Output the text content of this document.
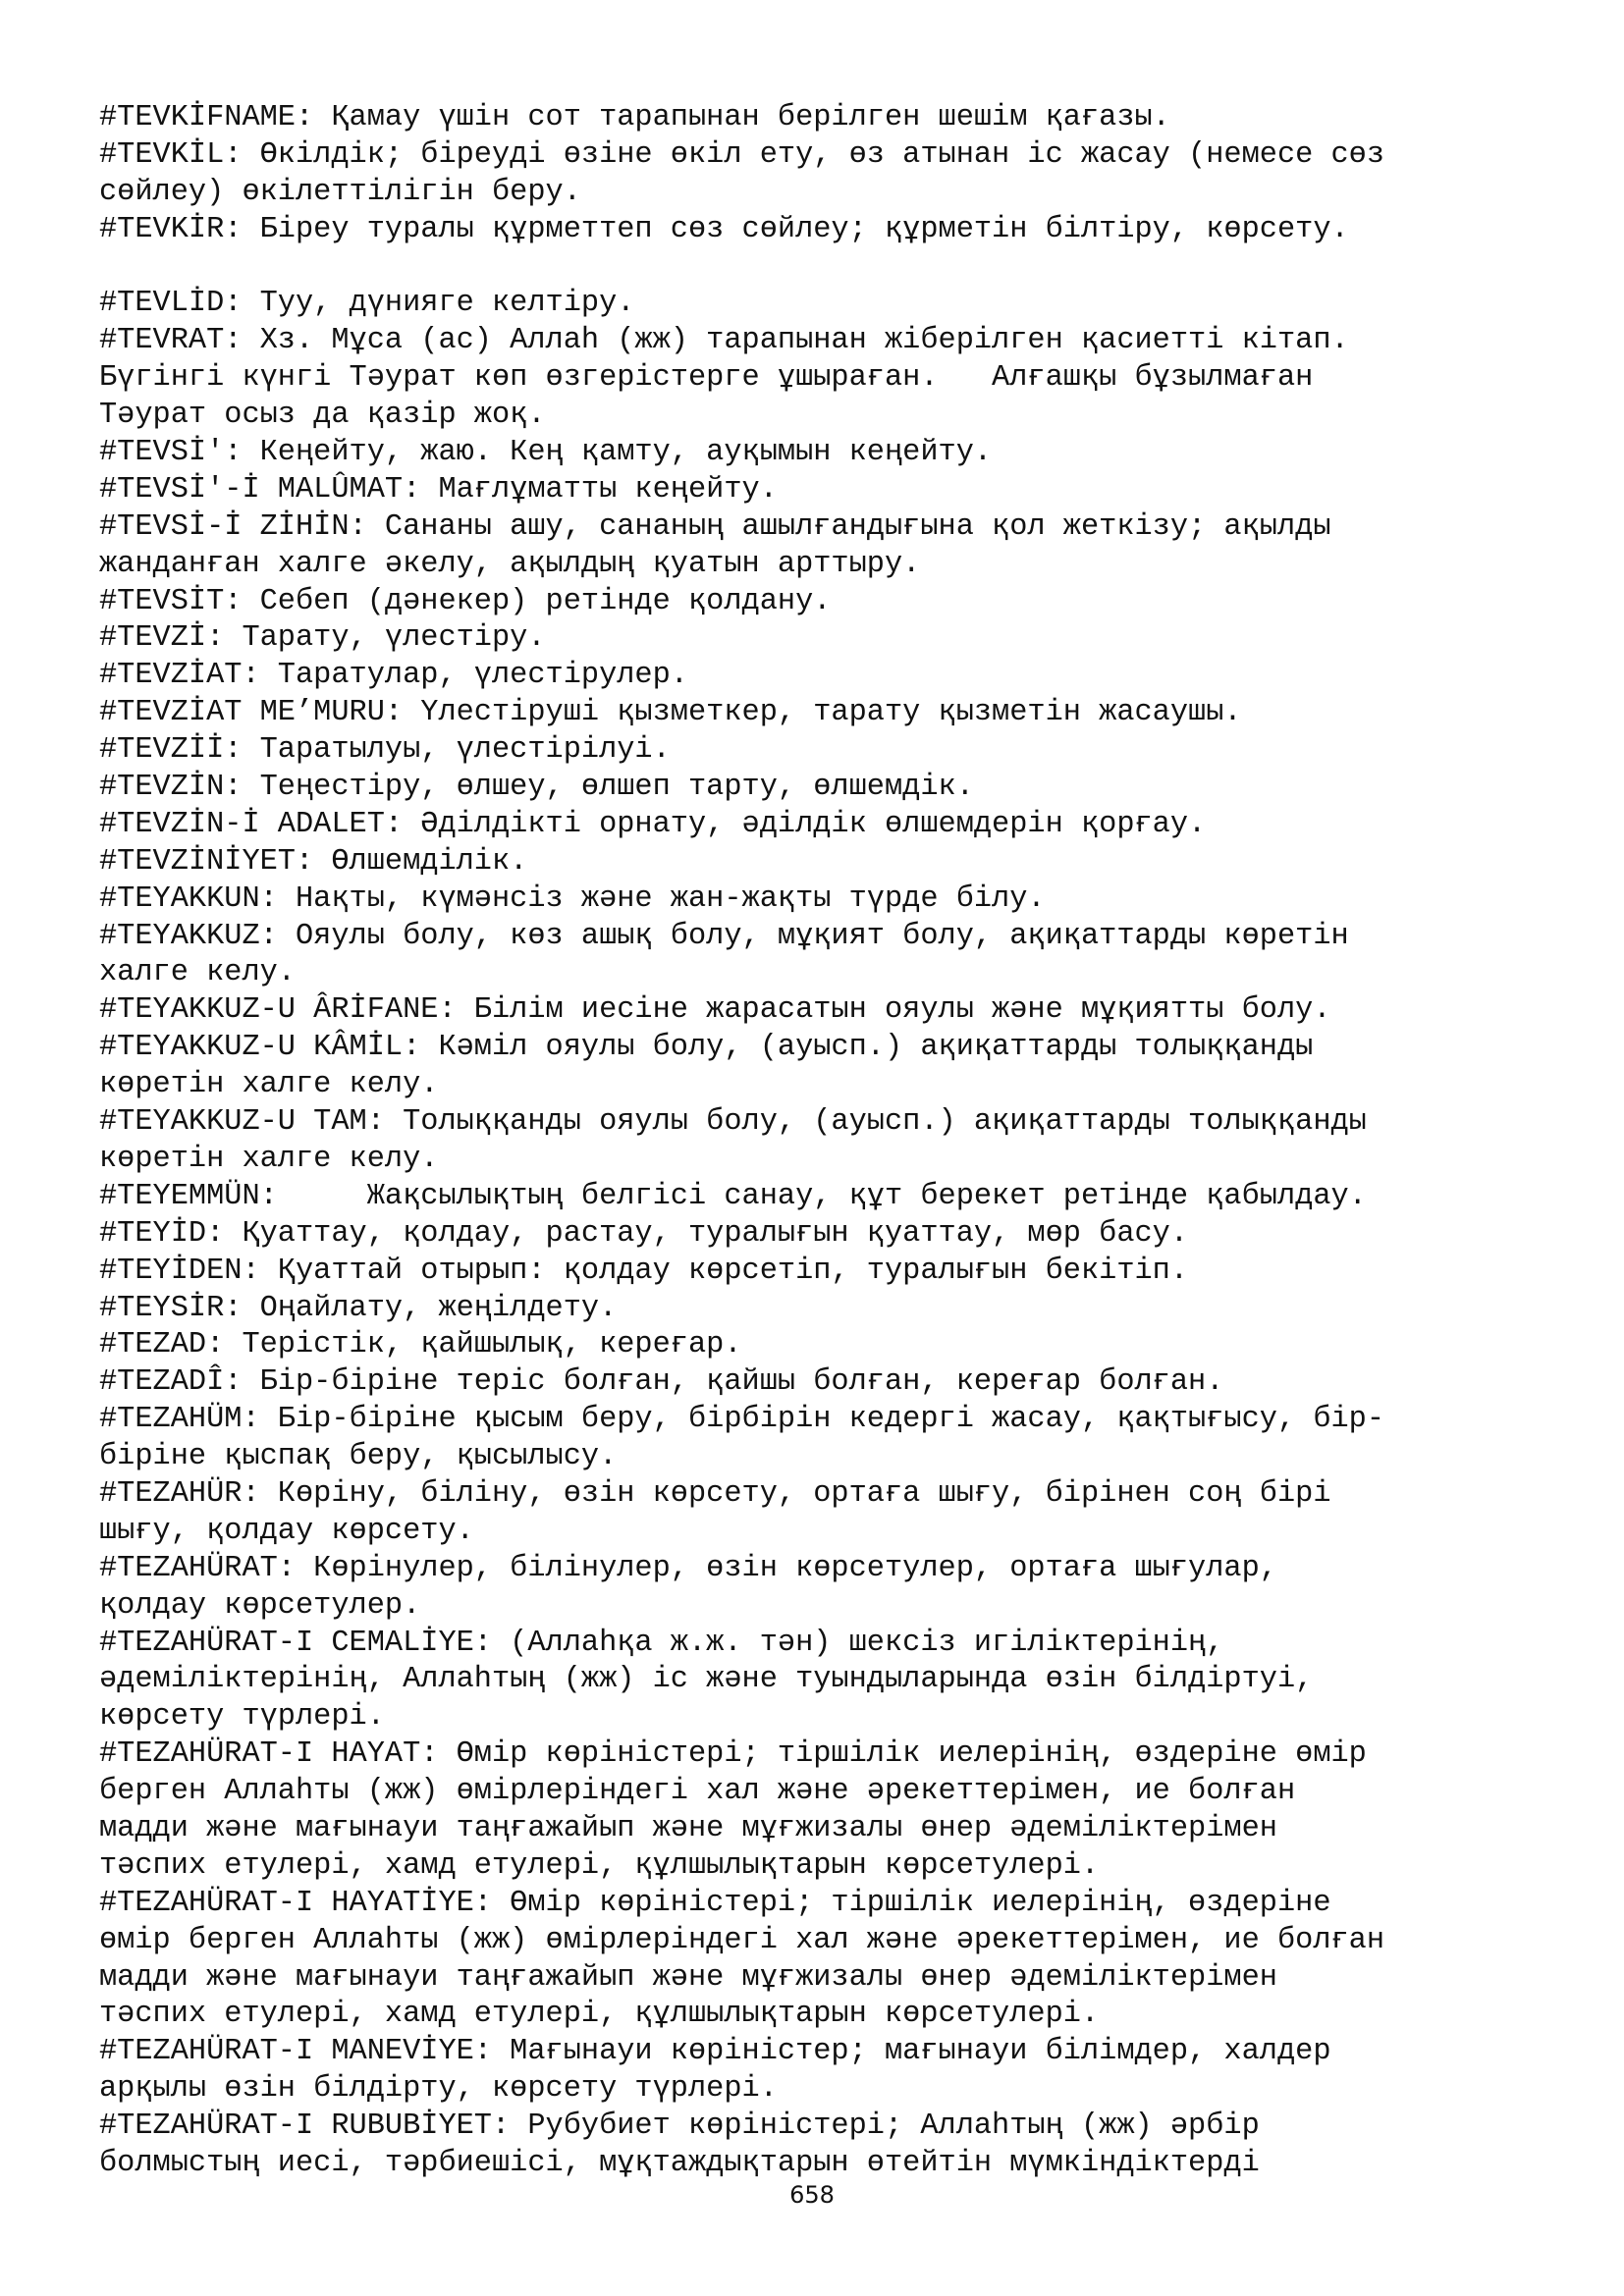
#TEVKİFNAME: Қамау үшін сот тарапынан берілген шешім қағазы.
#TEVKİL: Өкілдік; біреуді өзіне өкіл ету, өз атынан іс жасау (немесе сөз
сөйлеу) өкілеттілігін беру.
#TEVKİR: Біреу туралы құрметтеп сөз сөйлеу; құрметін білтіру, көрсету.

#TEVLİD: Туу, дүнияге келтіру.
#TEVRAT: Хз. Мұса (ас) Аллаһ (жж) тарапынан жіберілген қасиетті кітап.
Бүгінгі күнгі Тәурат көп өзгерістерге ұшыраған.   Алғашқы бұзылмаған
Тәурат осыз да қазір жоқ.
#TEVSİ': Кеңейту, жаю. Кең қамту, ауқымын кеңейту.
#TEVSİ'-İ MALÛMAT: Мағлұматты кеңейту.
#TEVSİ-İ ZİHİN: Сананы ашу, сананың ашылғандығына қол жеткізу; ақылды
жанданған халге әкелу, ақылдың қуатын арттыру.
#TEVSİT: Себеп (дәнекер) ретінде қолдану.
#TEVZİ: Тарату, үлестіру.
#TEVZİAT: Таратулар, үлестірулер.
#TEVZİAT ME’MURU: Үлестіруші қызметкер, тарату қызметін жасаушы.
#TEVZİİ: Таратылуы, үлестірілуі.
#TEVZİN: Теңестіру, өлшеу, өлшеп тарту, өлшемдік.
#TEVZİN-İ ADALET: Әділдікті орнату, әділдік өлшемдерін қорғау.
#TEVZİNİYET: Өлшемділік.
#TEYAKKUN: Нақты, күмәнсіз және жан-жақты түрде білу.
#TEYAKKUZ: Ояулы болу, көз ашық болу, мұқият болу, ақиқаттарды көретін
халге келу.
#TEYAKKUZ-U ÂRİFANE: Білім иесіне жарасатын ояулы және мұқиятты болу.
#TEYAKKUZ-U KÂMİL: Кәміл ояулы болу, (ауысп.) ақиқаттарды толыққанды
көретін халге келу.
#TEYAKKUZ-U TAM: Толыққанды ояулы болу, (ауысп.) ақиқаттарды толыққанды
көретін халге келу.
#TEYEMMÜN:     Жақсылықтың белгісі санау, құт берекет ретінде қабылдау.
#TEYİD: Қуаттау, қолдау, растау, туралығын қуаттау, мөр басу.
#TEYİDEN: Қуаттай отырып: қолдау көрсетіп, туралығын бекітіп.
#TEYSİR: Оңайлату, жеңілдету.
#TEZAD: Терістік, қайшылық, кереғар.
#TEZADÎ: Бір-біріне теріс болған, қайшы болған, кереғар болған.
#TEZAHÜM: Бір-біріне қысым беру, бірбірін кедергі жасау, қақтығысу, бір-
біріне қыспақ беру, қысылысу.
#TEZAHÜR: Көріну, біліну, өзін көрсету, ортаға шығу, бірінен соң бірі
шығу, қолдау көрсету.
#TEZAHÜRAT: Көрінулер, білінулер, өзін көрсетулер, ортаға шығулар,
қолдау көрсетулер.
#TEZAHÜRAT-I CEMALİYE: (Аллаһқа ж.ж. тән) шексіз игіліктерінің,
әдеміліктерінің, Аллаһтың (жж) іс және туындыларында өзін білдіртуі,
көрсету түрлері.
#TEZAHÜRAT-I HAYAT: Өмір көріністері; тіршілік иелерінің, өздеріне өмір
берген Аллаһты (жж) өмірлеріндегі хал және әрекеттерімен, ие болған
мадди және мағынауи таңғажайып және мұғжизалы өнер әдеміліктерімен
тәспих етулері, хамд етулері, құлшылықтарын көрсетулері.
#TEZAHÜRAT-I HAYATİYE: Өмір көріністері; тіршілік иелерінің, өздеріне
өмір берген Аллаһты (жж) өмірлеріндегі хал және әрекеттерімен, ие болған
мадди және мағынауи таңғажайып және мұғжизалы өнер әдеміліктерімен
тәспих етулері, хамд етулері, құлшылықтарын көрсетулері.
#TEZAHÜRAT-I MANEVİYE: Мағынауи көріністер; мағынауи білімдер, халдер
арқылы өзін білдірту, көрсету түрлері.
#TEZAHÜRAT-I RUBUBİYET: Рубубиет көріністері; Аллаһтың (жж) әрбір
болмыстың иесі, тәрбиешісі, мұқтаждықтарын өтейтін мүмкіндіктерді
658
